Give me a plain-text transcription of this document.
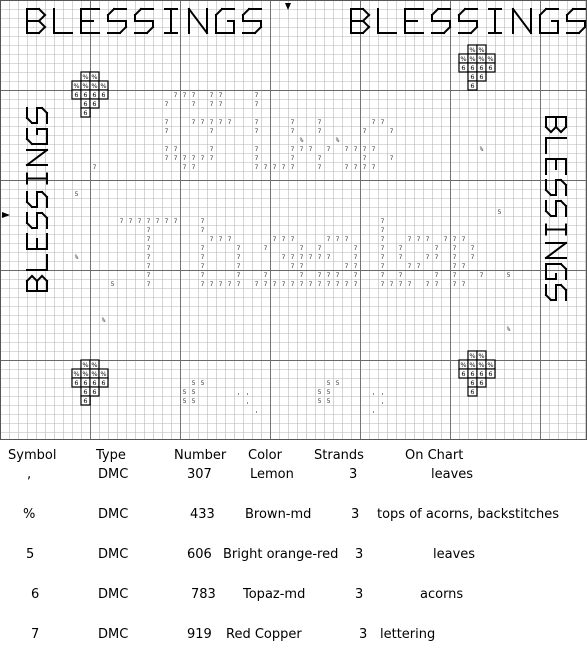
% %
% % % %
6 6 6 6
6 6
6
% %
% % % %
6 6 6 6
6 6
6
% %
% % % %
6 6 6 6
6 6
6
% %
% % % %
6 6 6 6
6 6
6
7 7 7 7 7	7
7	7 7 7	7
7	7 7 7 7 7	7	7	7	7 7
7	7	7	7	7	7	7
7 7	7	7	7 7 7 7 7 7 7 7
7 7 7 7 7 7	7	7	7	7	7
7	7 7	7 7 7 7 7	7	7 7 7 7
7 7 7 7 7 7 7	7	7
7	7	7
7	7 7 7	7 7 7	7 7 7	7	7 7 7 7 7 7
7	7	7	7	7 7	7	7 7	7 7 7
7	7	7	7 7 7 7 7 7	7	7 7	7 7 7 7
7	7	7	7 7	7 7	7	7 7	7 7
7	7	7	7	7 7 7 7 7	7 7	7 7	7
7	7 7 7 7 7 7 7 7 7 7 7 7 7 7 7 7 7	7 7 7 7 7 7 7 7
5
5
5
5
5 5
5 5
5 5
5 5
5 5
5 5
, ,
,
,
, ,
,
,
%
%
%
%
%	%
Symbol	Type	Number Color Strands	On Chart
,	DMC	307	Lemon	3	leaves
%	DMC	433 Brown-md	3 tops of acorns, backstitches
5	DMC	606 Bright orange-red 3	leaves
6	DMC	783 Topaz-md	3	acorns
7	DMC	919 Red Copper	3 lettering
